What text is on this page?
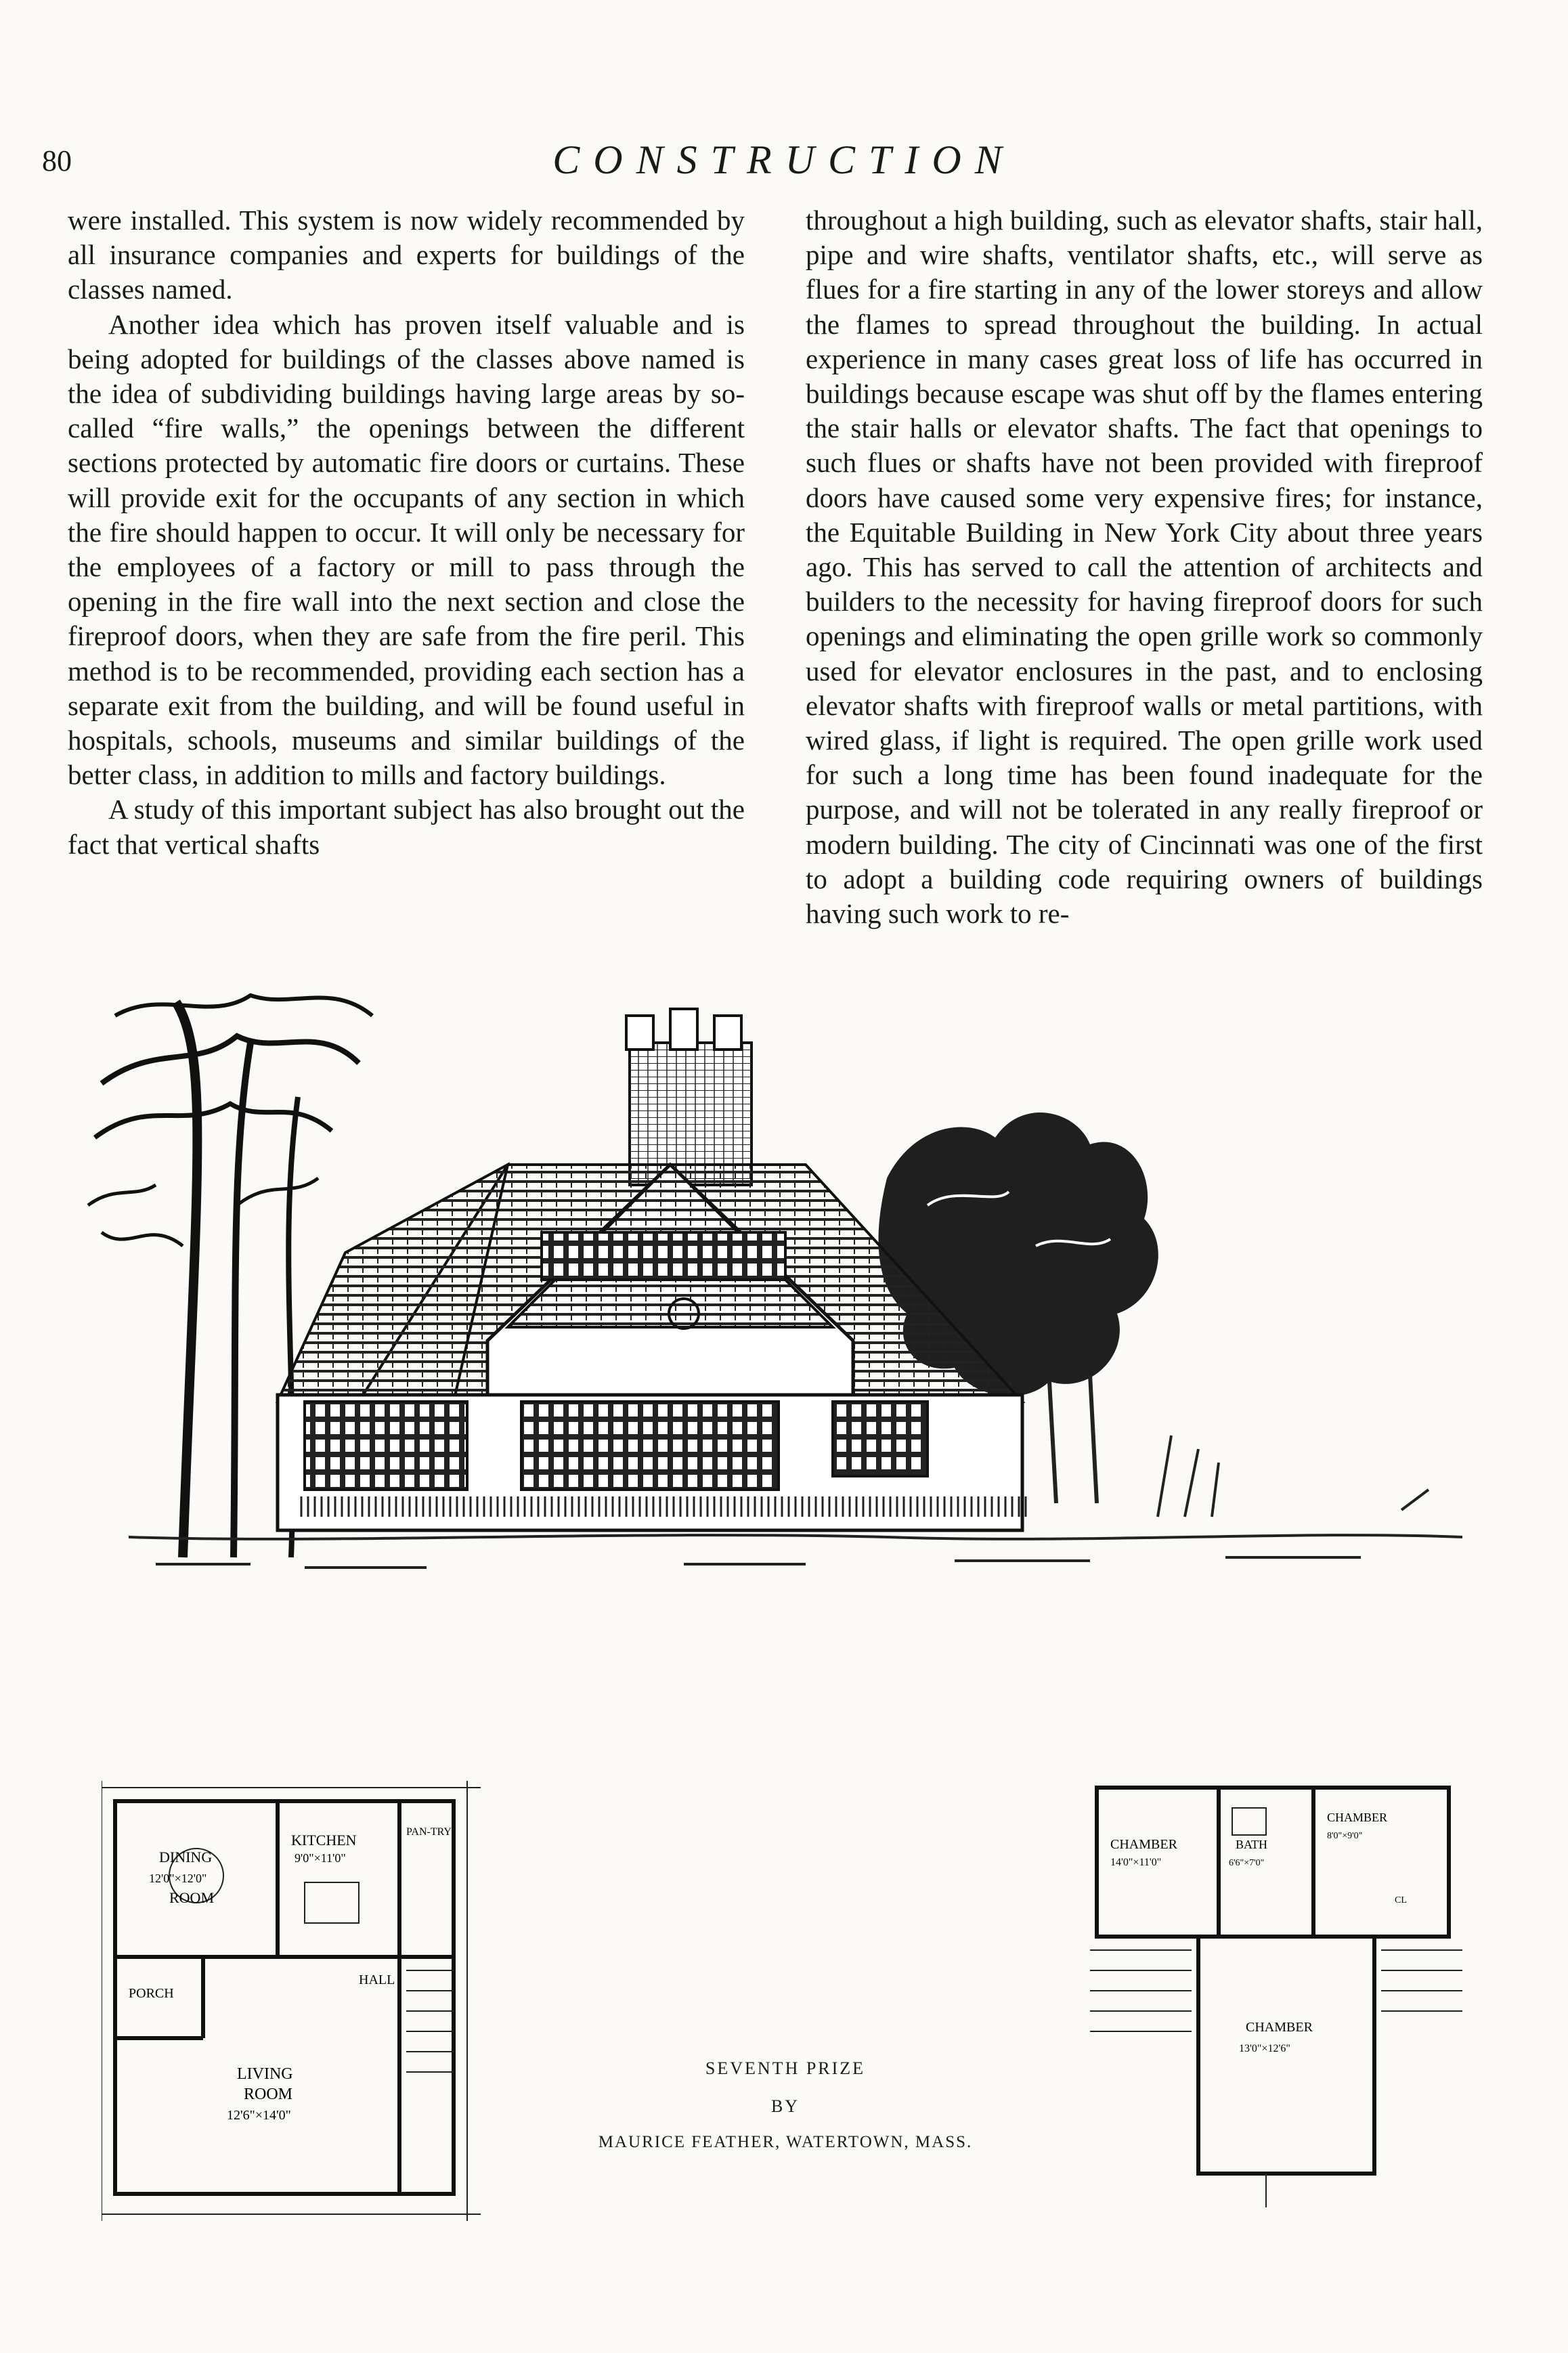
80	CONSTRUCTION

were installed. This system is now widely recommended by all insurance companies and experts for buildings of the classes named.

Another idea which has proven itself valuable and is being adopted for buildings of the classes above named is the idea of subdividing buildings having large areas by so-called “fire walls,” the openings between the different sections protected by automatic fire doors or curtains. These will provide exit for the occupants of any section in which the fire should happen to occur. It will only be necessary for the employees of a factory or mill to pass through the opening in the fire wall into the next section and close the fireproof doors, when they are safe from the fire peril. This method is to be recommended, providing each section has a separate exit from the building, and will be found useful in hospitals, schools, museums and similar buildings of the better class, in addition to mills and factory buildings.

A study of this important subject has also brought out the fact that vertical shafts

throughout a high building, such as elevator shafts, stair hall, pipe and wire shafts, ventilator shafts, etc., will serve as flues for a fire starting in any of the lower storeys and allow the flames to spread throughout the building. In actual experience in many cases great loss of life has occurred in buildings because escape was shut off by the flames entering the stair halls or elevator shafts. The fact that openings to such flues or shafts have not been provided with fireproof doors have caused some very expensive fires; for instance, the Equitable Building in New York City about three years ago. This has served to call the attention of architects and builders to the necessity for having fireproof doors for such openings and eliminating the open grille work so commonly used for elevator enclosures in the past, and to enclosing elevator shafts with fireproof walls or metal partitions, with wired glass, if light is required. The open grille work used for such a long time has been found inadequate for the purpose, and will not be tolerated in any really fireproof or modern building. The city of Cincinnati was one of the first to adopt a building code requiring owners of buildings having such work to re-

DINING
12'0"×12'0"
ROOM
KITCHEN
9'0"×11'0"
PAN-TRY
PORCH
HALL
LIVING
ROOM
12'6"×14'0"
SEVENTH PRIZE
BY
MAURICE FEATHER, WATERTOWN, MASS.
CHAMBER
14'0"×11'0"
BATH
6'6"×7'0"
CHAMBER
8'0"×9'0"
CL
CHAMBER
13'0"×12'6"
